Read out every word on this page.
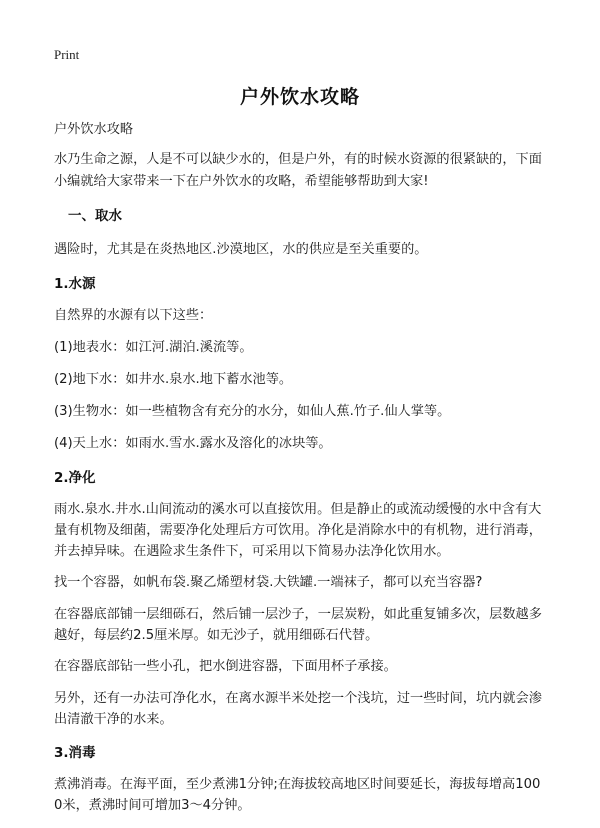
Print
户外饮水攻略

户外饮水攻略

水乃生命之源，人是不可以缺少水的，但是户外，有的时候水资源的很紧缺的，下面小编就给大家带来一下在户外饮水的攻略，希望能够帮助到大家!

一、取水

遇险时，尤其是在炎热地区.沙漠地区，水的供应是至关重要的。

1.水源

自然界的水源有以下这些：

(1)地表水：如江河.湖泊.溪流等。

(2)地下水：如井水.泉水.地下蓄水池等。

(3)生物水：如一些植物含有充分的水分，如仙人蕉.竹子.仙人掌等。

(4)天上水：如雨水.雪水.露水及溶化的冰块等。

2.净化

雨水.泉水.井水.山间流动的溪水可以直接饮用。但是静止的或流动缓慢的水中含有大量有机物及细菌，需要净化处理后方可饮用。净化是消除水中的有机物，进行消毒，并去掉异味。在遇险求生条件下，可采用以下简易办法净化饮用水。

找一个容器，如帆布袋.聚乙烯塑材袋.大铁罐.一端袜子，都可以充当容器?

在容器底部铺一层细砾石，然后铺一层沙子，一层炭粉，如此重复铺多次，层数越多越好，每层约2.5厘米厚。如无沙子，就用细砾石代替。

在容器底部钻一些小孔，把水倒进容器，下面用杯子承接。

另外，还有一办法可净化水，在离水源半米处挖一个浅坑，过一些时间，坑内就会渗出清澈干净的水来。

3.消毒

煮沸消毒。在海平面，至少煮沸1分钟;在海拔较高地区时间要延长，海拔每增高1000米，煮沸时间可增加3～4分钟。
